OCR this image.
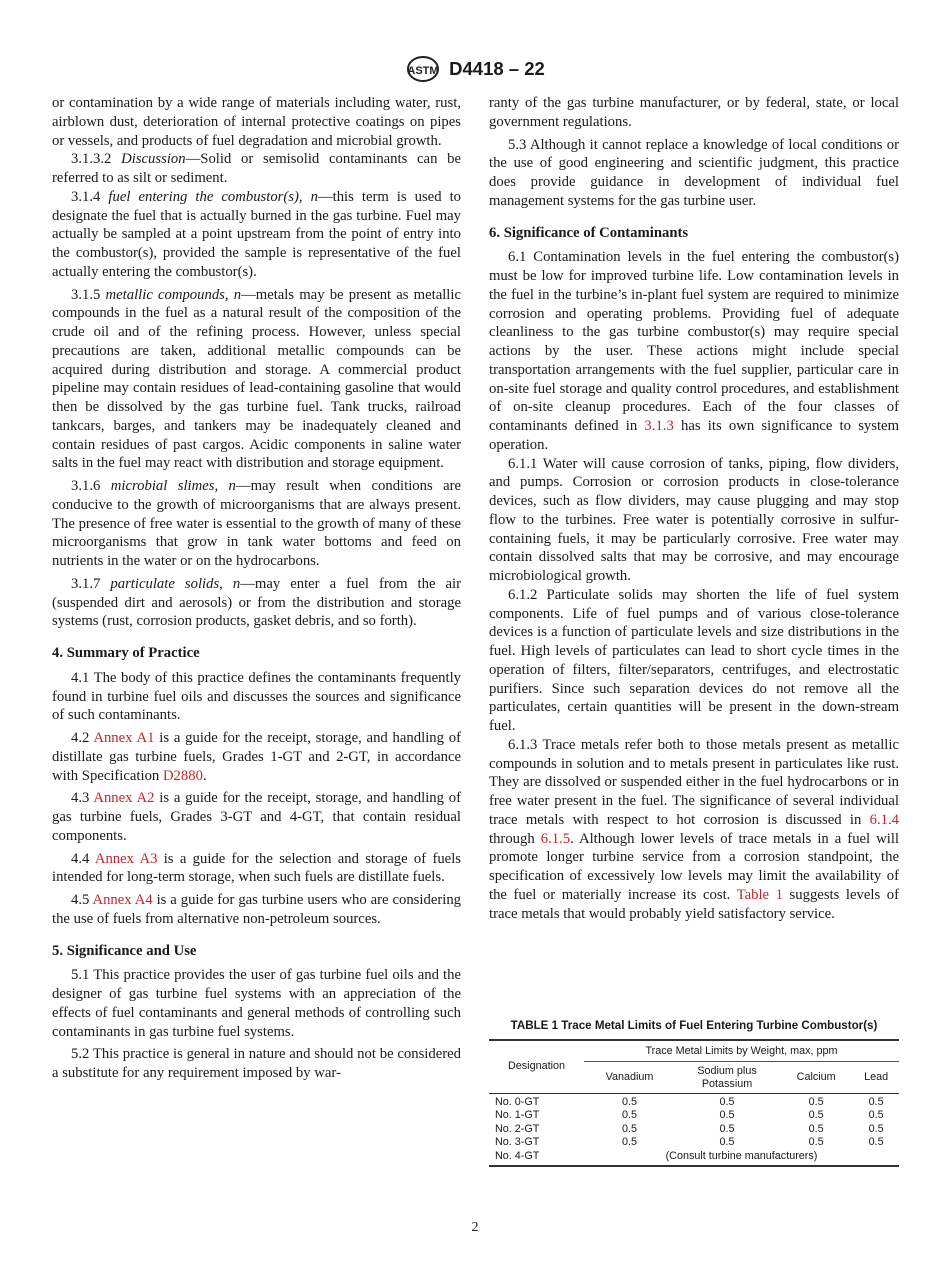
ASTM D4418 – 22
or contamination by a wide range of materials including water, rust, airblown dust, deterioration of internal protective coatings on pipes or vessels, and products of fuel degradation and microbial growth.
3.1.3.2 Discussion—Solid or semisolid contaminants can be referred to as silt or sediment.
3.1.4 fuel entering the combustor(s), n—this term is used to designate the fuel that is actually burned in the gas turbine. Fuel may actually be sampled at a point upstream from the point of entry into the combustor(s), provided the sample is representative of the fuel actually entering the combustor(s).
3.1.5 metallic compounds, n—metals may be present as metallic compounds in the fuel as a natural result of the composition of the crude oil and of the refining process. However, unless special precautions are taken, additional metallic compounds can be acquired during distribution and storage. A commercial product pipeline may contain residues of lead-containing gasoline that would then be dissolved by the gas turbine fuel. Tank trucks, railroad tankcars, barges, and tankers may be inadequately cleaned and contain residues of past cargos. Acidic components in saline water salts in the fuel may react with distribution and storage equipment.
3.1.6 microbial slimes, n—may result when conditions are conducive to the growth of microorganisms that are always present. The presence of free water is essential to the growth of many of these microorganisms that grow in tank water bottoms and feed on nutrients in the water or on the hydrocarbons.
3.1.7 particulate solids, n—may enter a fuel from the air (suspended dirt and aerosols) or from the distribution and storage systems (rust, corrosion products, gasket debris, and so forth).
4. Summary of Practice
4.1 The body of this practice defines the contaminants frequently found in turbine fuel oils and discusses the sources and significance of such contaminants.
4.2 Annex A1 is a guide for the receipt, storage, and handling of distillate gas turbine fuels, Grades 1-GT and 2-GT, in accordance with Specification D2880.
4.3 Annex A2 is a guide for the receipt, storage, and handling of gas turbine fuels, Grades 3-GT and 4-GT, that contain residual components.
4.4 Annex A3 is a guide for the selection and storage of fuels intended for long-term storage, when such fuels are distillate fuels.
4.5 Annex A4 is a guide for gas turbine users who are considering the use of fuels from alternative non-petroleum sources.
5. Significance and Use
5.1 This practice provides the user of gas turbine fuel oils and the designer of gas turbine fuel systems with an appreciation of the effects of fuel contaminants and general methods of controlling such contaminants in gas turbine fuel systems.
5.2 This practice is general in nature and should not be considered a substitute for any requirement imposed by war-
ranty of the gas turbine manufacturer, or by federal, state, or local government regulations.
5.3 Although it cannot replace a knowledge of local conditions or the use of good engineering and scientific judgment, this practice does provide guidance in development of individual fuel management systems for the gas turbine user.
6. Significance of Contaminants
6.1 Contamination levels in the fuel entering the combustor(s) must be low for improved turbine life. Low contamination levels in the fuel in the turbine’s in-plant fuel system are required to minimize corrosion and operating problems. Providing fuel of adequate cleanliness to the gas turbine combustor(s) may require special actions by the user. These actions might include special transportation arrangements with the fuel supplier, particular care in on-site fuel storage and quality control procedures, and establishment of on-site cleanup procedures. Each of the four classes of contaminants defined in 3.1.3 has its own significance to system operation.
6.1.1 Water will cause corrosion of tanks, piping, flow dividers, and pumps. Corrosion or corrosion products in close-tolerance devices, such as flow dividers, may cause plugging and may stop flow to the turbines. Free water is potentially corrosive in sulfur-containing fuels, it may be particularly corrosive. Free water may contain dissolved salts that may be corrosive, and may encourage microbiological growth.
6.1.2 Particulate solids may shorten the life of fuel system components. Life of fuel pumps and of various close-tolerance devices is a function of particulate levels and size distributions in the fuel. High levels of particulates can lead to short cycle times in the operation of filters, filter/separators, centrifuges, and electrostatic purifiers. Since such separation devices do not remove all the particulates, certain quantities will be present in the down-stream fuel.
6.1.3 Trace metals refer both to those metals present as metallic compounds in solution and to metals present in particulates like rust. They are dissolved or suspended either in the fuel hydrocarbons or in free water present in the fuel. The significance of several individual trace metals with respect to hot corrosion is discussed in 6.1.4 through 6.1.5. Although lower levels of trace metals in a fuel will promote longer turbine service from a corrosion standpoint, the specification of excessively low levels may limit the availability of the fuel or materially increase its cost. Table 1 suggests levels of trace metals that would probably yield satisfactory service.
TABLE 1 Trace Metal Limits of Fuel Entering Turbine Combustor(s)
Designation	Trace Metal Limits by Weight, max, ppm			
	Vanadium	Sodium plus Potassium	Calcium	Lead
No. 0-GT	0.5	0.5	0.5	0.5
No. 1-GT	0.5	0.5	0.5	0.5
No. 2-GT	0.5	0.5	0.5	0.5
No. 3-GT	0.5	0.5	0.5	0.5
No. 4-GT	(Consult turbine manufacturers)			
2
